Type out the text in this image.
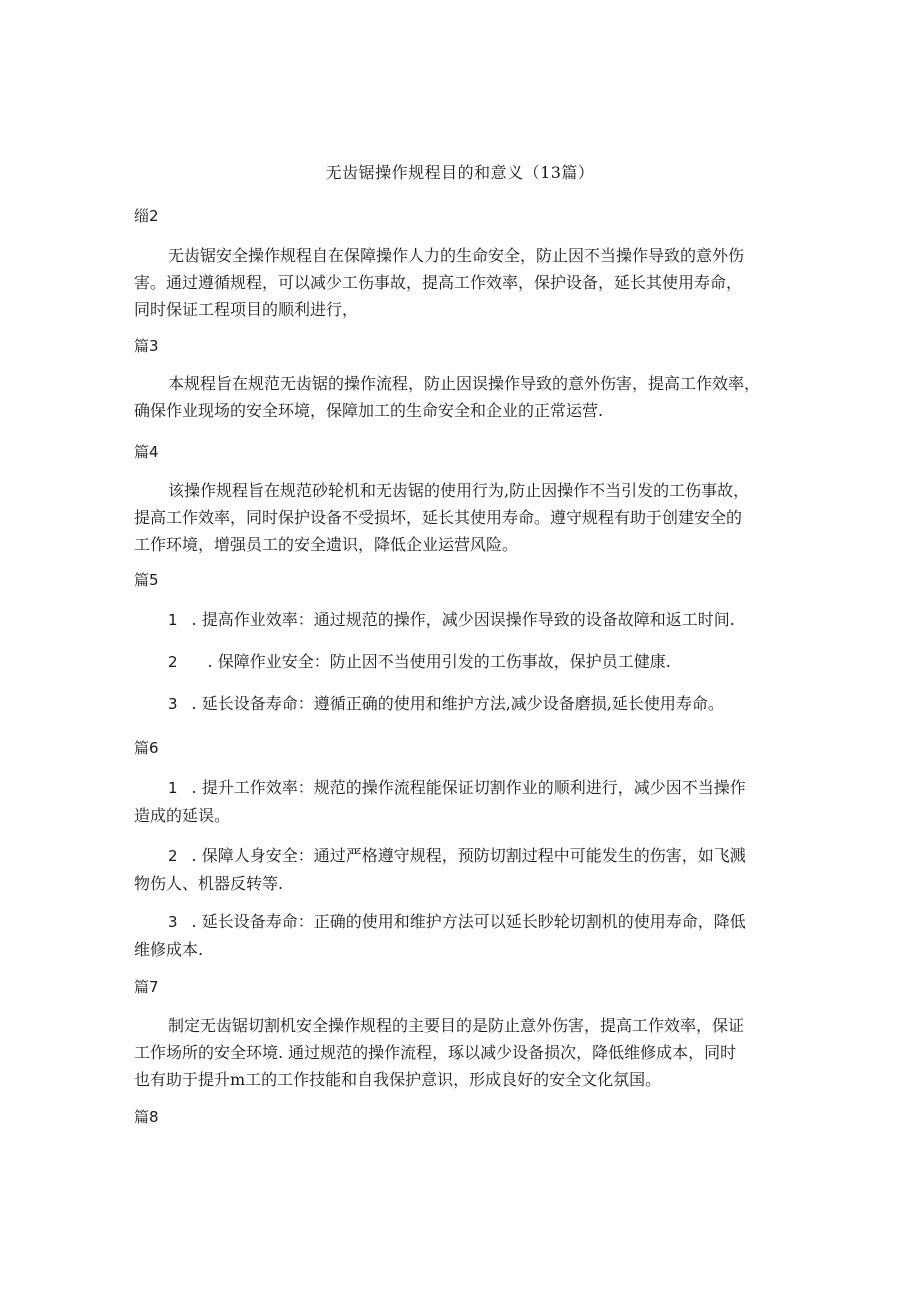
无齿锯操作规程目的和意义（13篇）
缁2
无齿锯安全操作规程自在保障操作人力的生命安全，防止因不当操作导致的意外伤
害。通过遵循规程，可以减少工伤事故，提高工作效率，保护设备，延长其使用寿命，
同时保证工程项目的顺利进行，
篇3
本规程旨在规范无齿锯的操作流程，防止因误操作导致的意外伤害，提高工作效率，
确保作业现场的安全环境，保障加工的生命安全和企业的正常运营.
篇4
该操作规程旨在规范砂轮机和无齿锯的使用行为,防止因操作不当引发的工伤事故，
提高工作效率，同时保护设备不受损坏，延长其使用寿命。遵守规程有助于创建安全的
工作环境，增强员工的安全遗识，降低企业运营风险。
篇5
1 . 提高作业效率：通过规范的操作，减少因误操作导致的设备故障和返工时间.
2 . 保障作业安全：防止因不当使用引发的工伤事故，保护员工健康.
3 . 延长设备寿命：遵循正确的使用和维护方法,减少设备磨损,延长使用寿命。
篇6
1 . 提升工作效率：规范的操作流程能保证切割作业的顺利进行，减少因不当操作
造成的延误。
2 . 保障人身安全：通过严格遵守规程，预防切割过程中可能发生的伤害，如飞溅
物伤人、机器反转等.
3 . 延长设备寿命：正确的使用和维护方法可以延长眇轮切割机的使用寿命，降低
维修成本.
篇7
制定无齿锯切割机安全操作规程的主要目的是防止意外伤害，提高工作效率，保证
工作场所的安全环境. 通过规范的操作流程，琢以减少设备损次，降低维修成本，同时
也有助于提升m工的工作技能和自我保护意识，形成良好的安全文化氛国。
篇8
